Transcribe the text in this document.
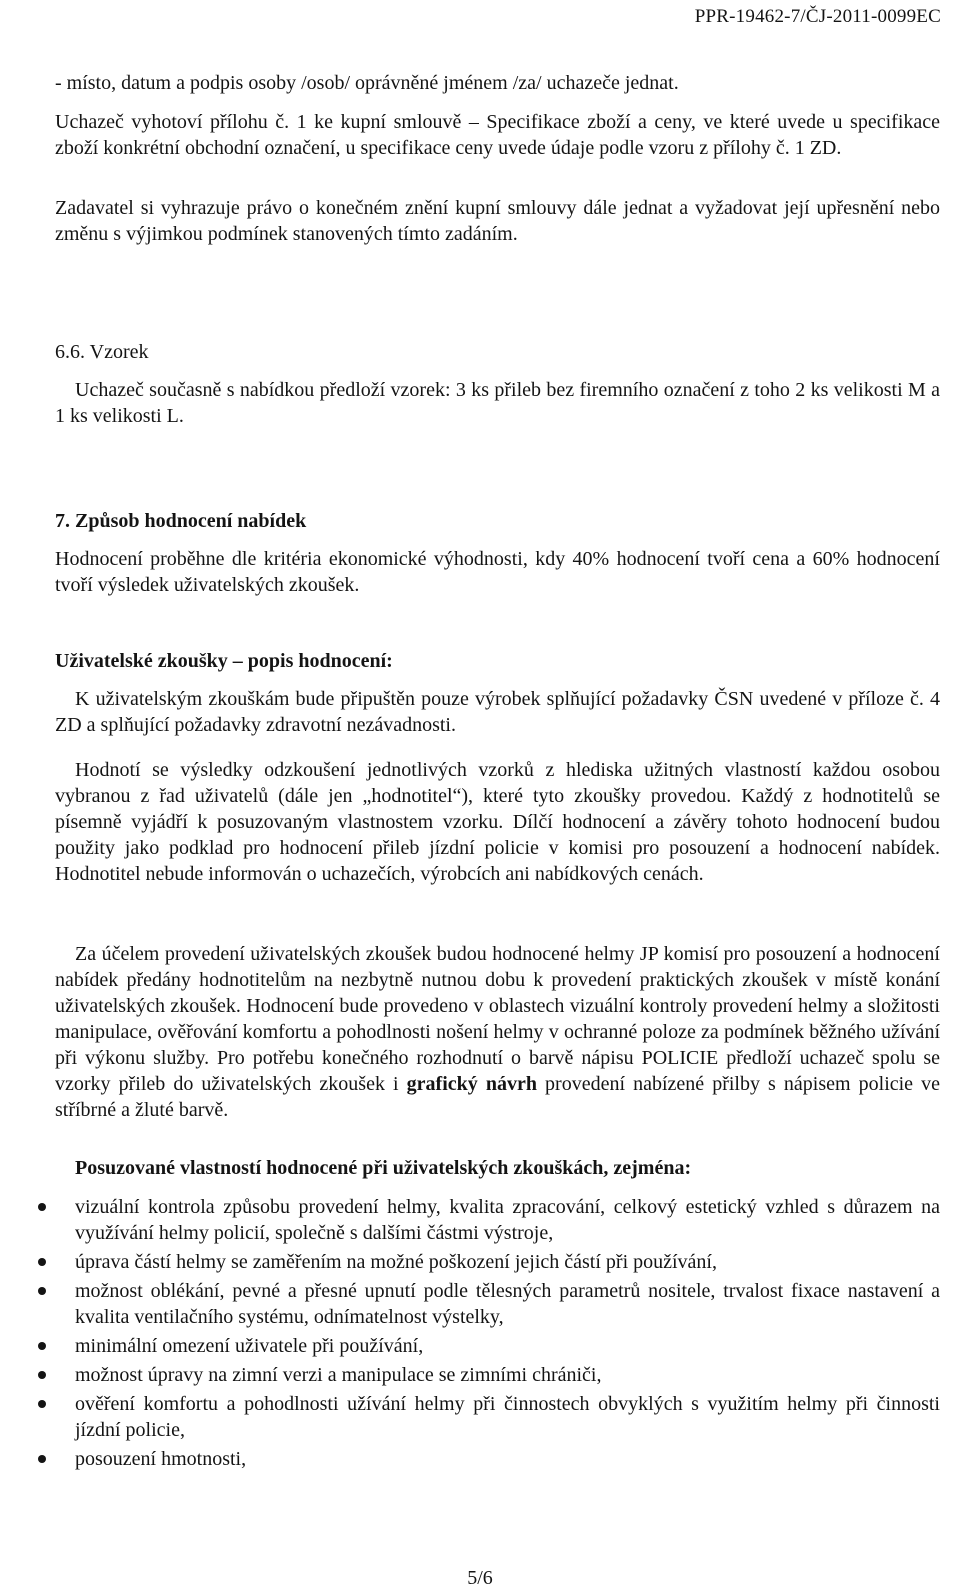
PPR-19462-7/ČJ-2011-0099EC
- místo, datum a podpis osoby /osob/ oprávněné jménem /za/ uchazeče jednat.
Uchazeč vyhotoví přílohu č. 1 ke kupní smlouvě – Specifikace zboží a ceny, ve které uvede u specifikace zboží konkrétní obchodní označení, u specifikace ceny uvede údaje podle vzoru z přílohy č. 1 ZD.
Zadavatel si vyhrazuje právo o konečném znění kupní smlouvy dále jednat a vyžadovat její upřesnění nebo změnu s výjimkou podmínek stanovených tímto zadáním.
6.6. Vzorek
Uchazeč současně s nabídkou předloží vzorek: 3 ks přileb bez firemního označení z toho 2 ks velikosti M a 1 ks velikosti L.
7. Způsob hodnocení nabídek
Hodnocení proběhne dle kritéria ekonomické výhodnosti, kdy 40% hodnocení tvoří cena a 60% hodnocení tvoří výsledek uživatelských zkoušek.
Uživatelské zkoušky – popis hodnocení:
K uživatelským zkouškám bude připuštěn pouze výrobek splňující požadavky ČSN uvedené v příloze č. 4 ZD a splňující požadavky zdravotní nezávadnosti.
Hodnotí se výsledky odzkoušení jednotlivých vzorků z hlediska užitných vlastností každou osobou vybranou z řad uživatelů (dále jen „hodnotitel“), které tyto zkoušky provedou. Každý z hodnotitelů se písemně vyjádří k posuzovaným vlastnostem vzorku. Dílčí hodnocení a závěry tohoto hodnocení budou použity jako podklad pro hodnocení přileb jízdní policie v komisi pro posouzení a hodnocení nabídek. Hodnotitel nebude informován o uchazečích, výrobcích ani nabídkových cenách.
Za účelem provedení uživatelských zkoušek budou hodnocené helmy JP komisí pro posouzení a hodnocení nabídek předány hodnotitelům na nezbytně nutnou dobu k provedení praktických zkoušek v místě konání uživatelských zkoušek. Hodnocení bude provedeno v oblastech vizuální kontroly provedení helmy a složitosti manipulace, ověřování komfortu a pohodlnosti nošení helmy v ochranné poloze za podmínek běžného užívání při výkonu služby. Pro potřebu konečného rozhodnutí o barvě nápisu POLICIE předloží uchazeč spolu se vzorky přileb do uživatelských zkoušek i grafický návrh provedení nabízené přilby s nápisem policie ve stříbrné a žluté barvě.
Posuzované vlastností hodnocené při uživatelských zkouškách, zejména:
vizuální kontrola způsobu provedení helmy, kvalita zpracování, celkový estetický vzhled s důrazem na využívání helmy policií, společně s dalšími částmi výstroje,
úprava částí helmy se zaměřením na možné poškození jejich částí při používání,
možnost oblékání, pevné a přesné upnutí podle tělesných parametrů nositele, trvalost fixace nastavení a kvalita ventilačního systému, odnímatelnost výstelky,
minimální omezení uživatele při používání,
možnost úpravy na zimní verzi a manipulace se zimními chrániči,
ověření komfortu a pohodlnosti užívání helmy při činnostech obvyklých s využitím helmy při činnosti jízdní policie,
posouzení hmotnosti,
5/6
